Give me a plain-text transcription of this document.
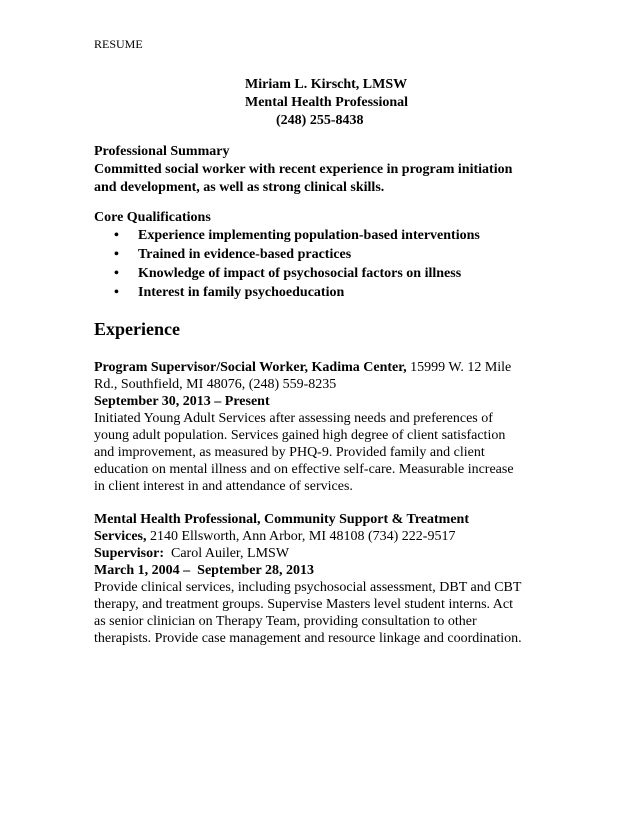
RESUME
Miriam L. Kirscht, LMSW
Mental Health Professional
(248) 255-8438
Professional Summary
Committed social worker with recent experience in program initiation
and development, as well as strong clinical skills.
Core Qualifications
• Experience implementing population-based interventions
• Trained in evidence-based practices
• Knowledge of impact of psychosocial factors on illness
• Interest in family psychoeducation
Experience
Program Supervisor/Social Worker, Kadima Center, 15999 W. 12 Mile
Rd., Southfield, MI 48076, (248) 559-8235
September 30, 2013 – Present
Initiated Young Adult Services after assessing needs and preferences of
young adult population. Services gained high degree of client satisfaction
and improvement, as measured by PHQ-9. Provided family and client
education on mental illness and on effective self-care. Measurable increase
in client interest in and attendance of services.
Mental Health Professional, Community Support & Treatment
Services, 2140 Ellsworth, Ann Arbor, MI 48108 (734) 222-9517
Supervisor:  Carol Auiler, LMSW
March 1, 2004 –  September 28, 2013
Provide clinical services, including psychosocial assessment, DBT and CBT
therapy, and treatment groups. Supervise Masters level student interns. Act
as senior clinician on Therapy Team, providing consultation to other
therapists. Provide case management and resource linkage and coordination.
